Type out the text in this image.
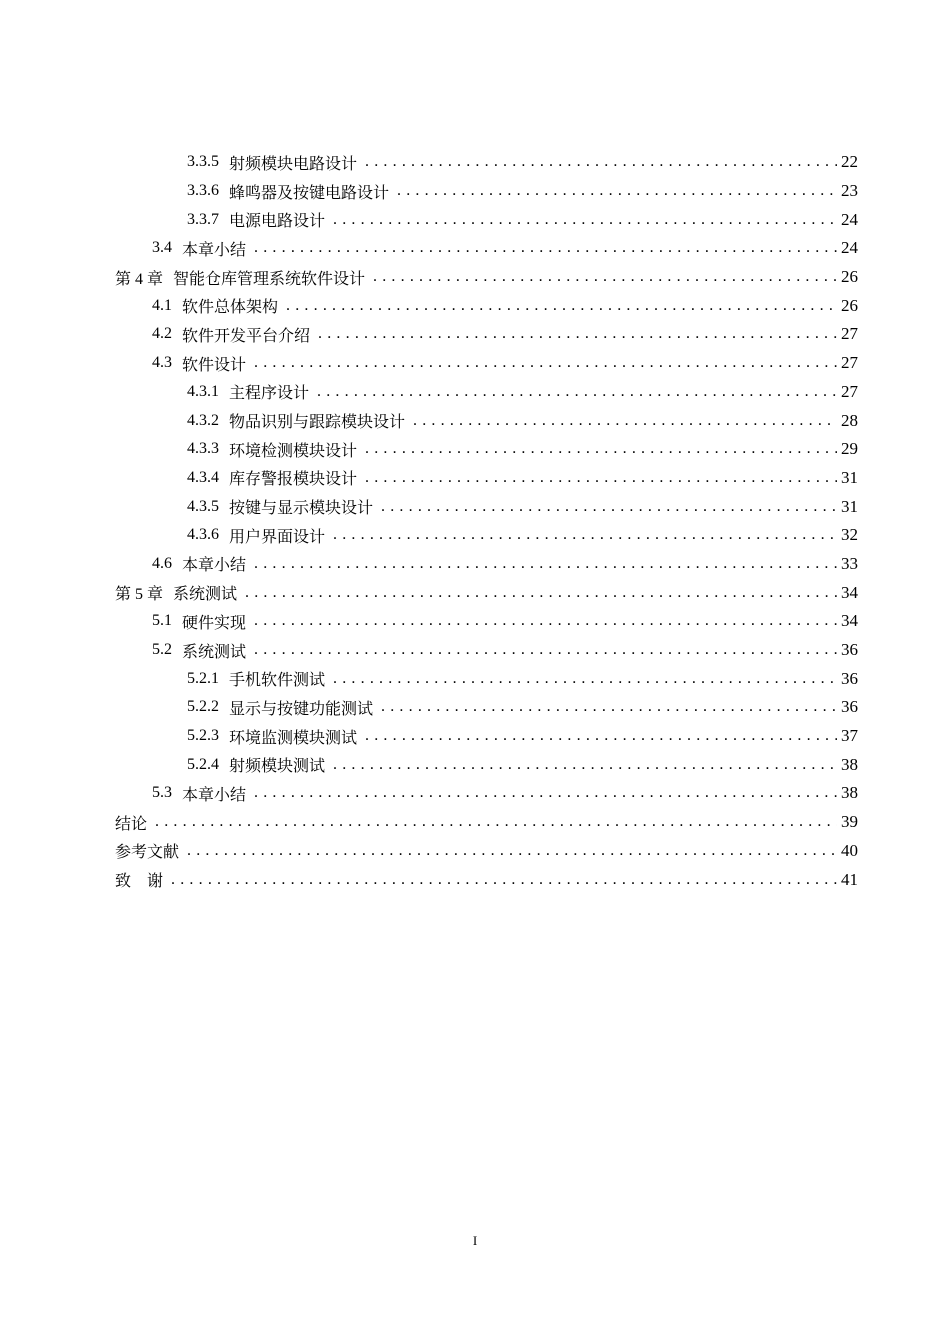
3.3.5 射频模块电路设计 . . .	22
3.3.6 蜂鸣器及按键电路设计 . . .	23
3.3.7 电源电路设计 . . .	24
3.4 本章小结 . . .	24
第 4 章 智能仓库管理系统软件设计 . . .	26
4.1 软件总体架构 . . .	26
4.2 软件开发平台介绍 . . .	27
4.3 软件设计 . . .	27
4.3.1 主程序设计 . . .	27
4.3.2 物品识别与跟踪模块设计 . . .	28
4.3.3 环境检测模块设计 . . .	29
4.3.4 库存警报模块设计 . . .	31
4.3.5 按键与显示模块设计 . . .	31
4.3.6 用户界面设计 . . .	32
4.6 本章小结 . . .	33
第 5 章 系统测试 . . .	34
5.1 硬件实现 . . .	34
5.2 系统测试 . . .	36
5.2.1 手机软件测试 . . .	36
5.2.2 显示与按键功能测试 . . .	36
5.2.3 环境监测模块测试 . . .	37
5.2.4 射频模块测试 . . .	38
5.3 本章小结 . . .	38
结论 . . .	39
参考文献 . . .	40
致　谢 . . .	41
I
